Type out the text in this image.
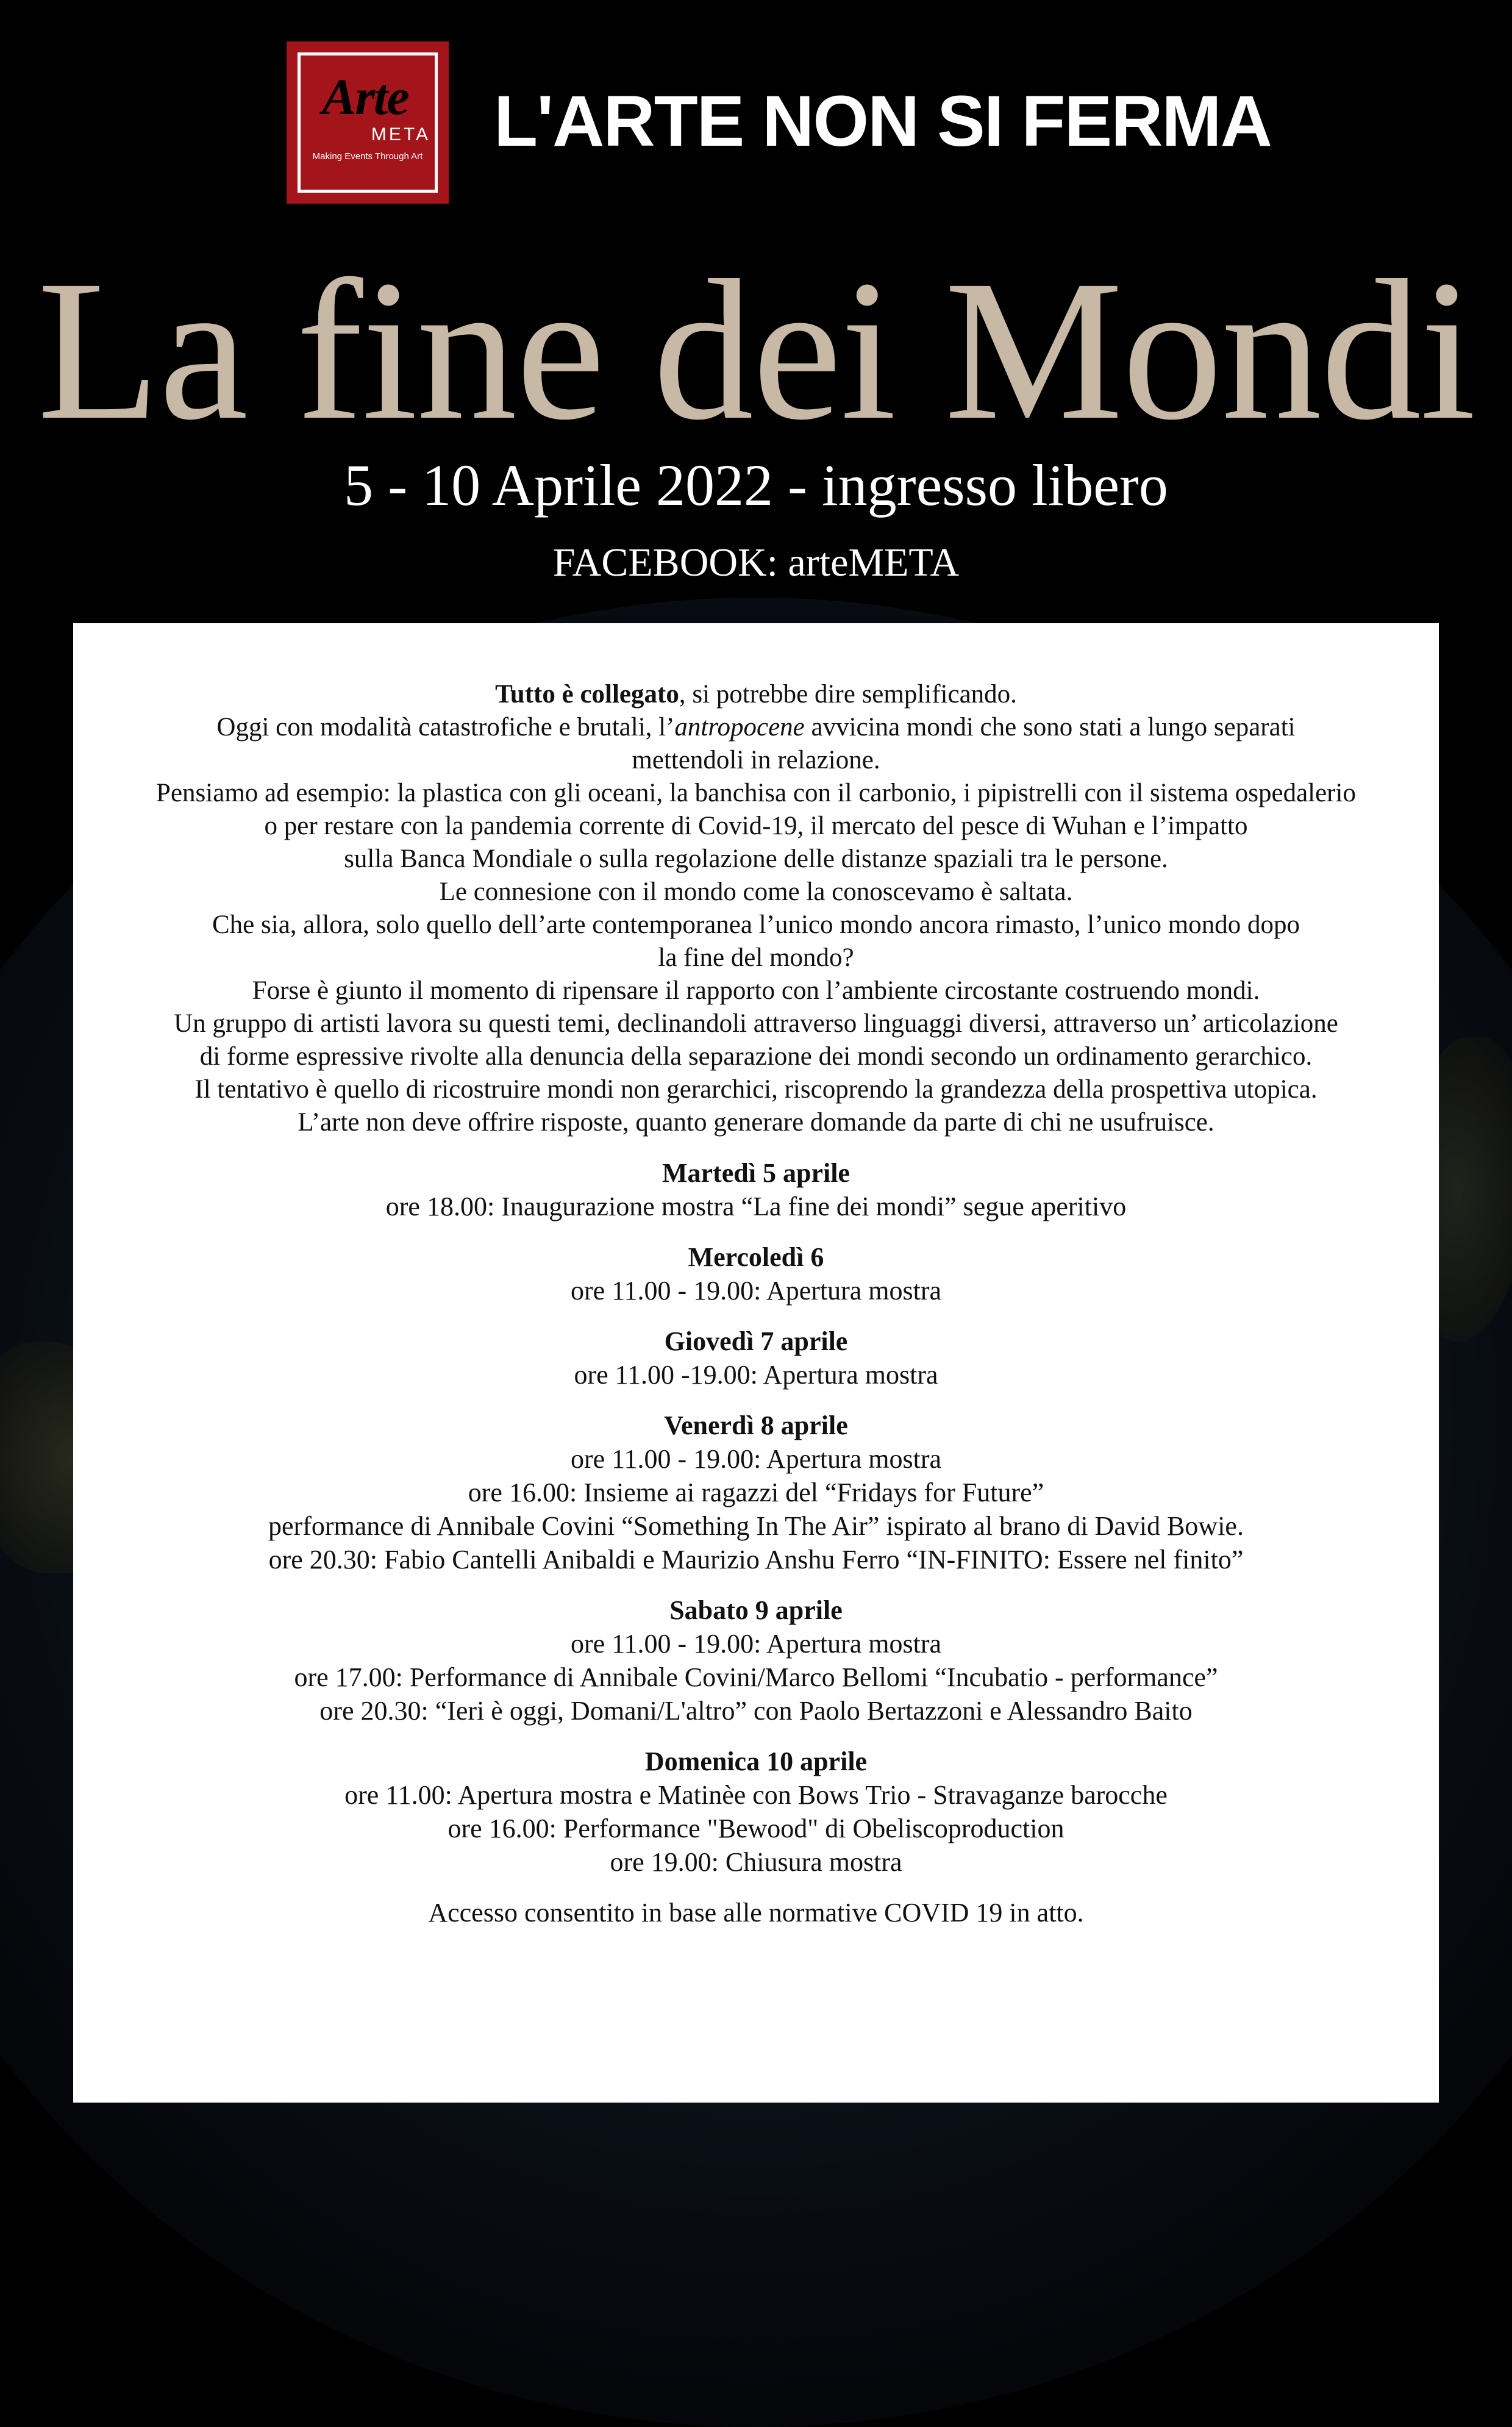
Arte
META
Making Events Through Art L'ARTE NON SI FERMA
La fine dei Mondi
5 - 10 Aprile 2022 - ingresso libero
FACEBOOK: arteMETA

Tutto è collegato, si potrebbe dire semplificando.

Oggi con modalità catastrofiche e brutali, l’antropocene avvicina mondi che sono stati a lungo separati

mettendoli in relazione.

Pensiamo ad esempio: la plastica con gli oceani, la banchisa con il carbonio, i pipistrelli con il sistema ospedalerio

o per restare con la pandemia corrente di Covid-19, il mercato del pesce di Wuhan e l’impatto

sulla Banca Mondiale o sulla regolazione delle distanze spaziali tra le persone.

Le connesione con il mondo come la conoscevamo è saltata.

Che sia, allora, solo quello dell’arte contemporanea l’unico mondo ancora rimasto, l’unico mondo dopo

la fine del mondo?

Forse è giunto il momento di ripensare il rapporto con l’ambiente circostante costruendo mondi.

Un gruppo di artisti lavora su questi temi, declinandoli attraverso linguaggi diversi, attraverso un’ articolazione

di forme espressive rivolte alla denuncia della separazione dei mondi secondo un ordinamento gerarchico.

Il tentativo è quello di ricostruire mondi non gerarchici, riscoprendo la grandezza della prospettiva utopica.

L’arte non deve offrire risposte, quanto generare domande da parte di chi ne usufruisce.

Martedì 5 aprile

ore 18.00: Inaugurazione mostra “La fine dei mondi” segue aperitivo

Mercoledì 6

ore 11.00 - 19.00: Apertura mostra

Giovedì 7 aprile

ore 11.00 -19.00: Apertura mostra

Venerdì 8 aprile

ore 11.00 - 19.00: Apertura mostra

ore 16.00: Insieme ai ragazzi del “Fridays for Future”

performance di Annibale Covini “Something In The Air” ispirato al brano di David Bowie.

ore 20.30: Fabio Cantelli Anibaldi e Maurizio Anshu Ferro “IN-FINITO: Essere nel finito”

Sabato 9 aprile

ore 11.00 - 19.00: Apertura mostra

ore 17.00: Performance di Annibale Covini/Marco Bellomi “Incubatio - performance”

ore 20.30: “Ieri è oggi, Domani/L'altro” con Paolo Bertazzoni e Alessandro Baito

Domenica 10 aprile

ore 11.00: Apertura mostra e Matinèe con Bows Trio - Stravaganze barocche

ore 16.00: Performance "Bewood" di Obeliscoproduction

ore 19.00: Chiusura mostra

Accesso consentito in base alle normative COVID 19 in atto.
